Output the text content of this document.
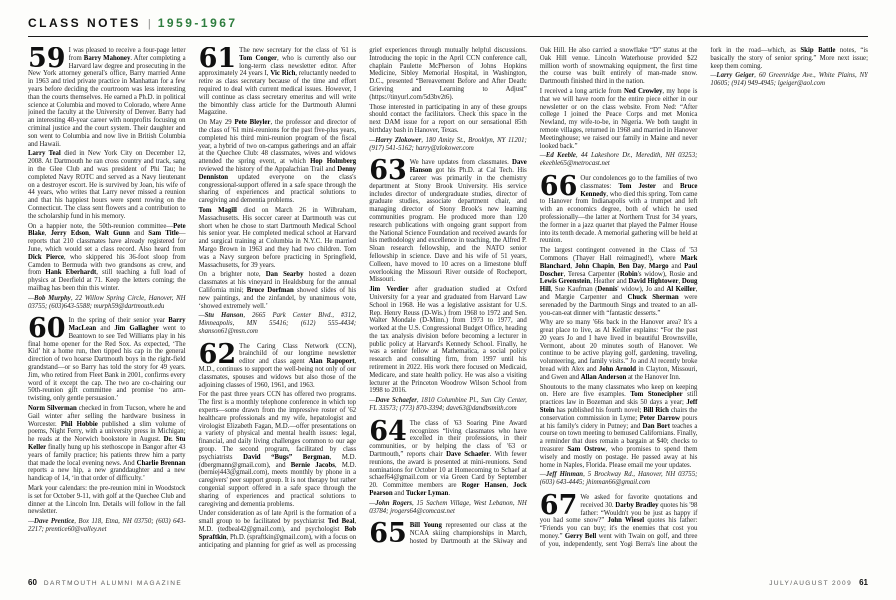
CLASS NOTES | 1959-1967
59 I was pleased to receive a four-page letter from Barry Mahoney. After completing a Harvard law degree and prosecuting in the New York attorney general's office, Barry married Anne in 1963 and tried private practice in Manhattan for a few years before deciding the courtroom was less interesting than the courts themselves. He earned a Ph.D. in political science at Columbia and moved to Colorado, where Anne joined the faculty at the University of Denver. Barry had an interesting 40-year career with nonprofits focusing on criminal justice and the court system. Their daughter and son went to Columbia and now live in British Columbia and Hawaii.

Larry Teal died in New York City on December 12, 2008. At Dartmouth he ran cross country and track, sang in the Glee Club and was president of Phi Tau; he completed Navy ROTC and served as a Navy lieutenant on a destroyer escort. He is survived by Joan, his wife of 44 years, who writes that Larry never missed a reunion and that his happiest hours were spent rowing on the Connecticut. The class sent flowers and a contribution to the scholarship fund in his memory.

On a happier note, the 50th-reunion committee—Pete Blake, Jerry Edson, Walt Gunn and Sam Title—reports that 210 classmates have already registered for June, which would set a class record. Also heard from Dick Pierce, who skippered his 36-foot sloop from Camden to Bermuda with two grandsons as crew, and from Hank Eberhardt, still teaching a full load of physics at Deerfield at 71. Keep the letters coming; the mailbag has been thin this winter.

—Bob Murphy, 22 Willow Spring Circle, Hanover, NH 03755; (603)643-5588; murph59@dartmouth.edu

60 In the spring of their senior year Barry MacLean and Jim Gallagher went to Beantown to see Ted Williams play in his final home opener for the Red Sox. As expected, ‘The Kid’ hit a home run, then tipped his cap in the general direction of two hoarse Dartmouth boys in the right-field grandstand—or so Barry has told the story for 49 years. Jim, who retired from Fleet Bank in 2001, confirms every word of it except the cap. The two are co-chairing our 50th-reunion gift committee and promise ‘no arm-twisting, only gentle persuasion.’

Norm Silverman checked in from Tucson, where he and Gail winter after selling the hardware business in Worcester. Phil Hobbie published a slim volume of poems, Night Ferry, with a university press in Michigan; he reads at the Norwich bookstore in August. Dr. Stu Keller finally hung up his stethoscope in Bangor after 43 years of family practice; his patients threw him a party that made the local evening news. And Charlie Brennan reports a new hip, a new granddaughter and a new handicap of 14, ‘in that order of difficulty.’

Mark your calendars: the pre-reunion mini in Woodstock is set for October 9-11, with golf at the Quechee Club and dinner at the Lincoln Inn. Details will follow in the fall newsletter.

—Dave Prentice, Box 118, Etna, NH 03750; (603) 643-2217; prentice60@valley.net

61 The new secretary for the class of '61 is Tom Conger, who is currently also our long-term class newsletter editor. After approximately 24 years I, Vic Rich, reluctantly needed to retire as class secretary because of the time and effort required to deal with current medical issues. However, I will continue as class secretary emeritus and will write the bimonthly class article for the Dartmouth Alumni Magazine.

On May 29 Pete Bleyler, the professor and director of the class of '61 mini-reunions for the past five-plus years, completed his third mini-reunion program of the fiscal year, a hybrid of two on-campus gatherings and an affair at the Quechee Club: 48 classmates, wives and widows attended the spring event, at which Hop Holmberg reviewed the history of the Appalachian Trail and Denny Denniston updated everyone on the class's congressional-support offered in a safe space through the sharing of experiences and practical solutions to caregiving and dementia problems.

Tom Magill died on March 26 in Wilbraham, Massachusetts. His soccer career at Dartmouth was cut short when he chose to start Dartmouth Medical School his senior year. He completed medical school at Harvard and surgical training at Columbia in N.Y.C. He married Margo Brown in 1963 and they had two children. Tom was a Navy surgeon before practicing in Springfield, Massachusetts, for 39 years.

On a brighter note, Dan Searby hosted a dozen classmates at his vineyard in Healdsburg for the annual California mini; Bruce Dorfman showed slides of his new paintings, and the zinfandel, by unanimous vote, ‘showed extremely well.’

—Stu Hanson, 2665 Park Center Blvd., #312, Minneapolis, MN 55416; (612) 555-4434; shanson61@msn.com

62 The Caring Class Network (CCN), brainchild of our longtime newsletter editor and class agent Alan Rapoport, M.D., continues to support the well-being not only of our classmates, spouses and widows but also those of the adjoining classes of 1960, 1961, and 1963.

For the past three years CCN has offered two programs. The first is a monthly telephone conference in which top experts—some drawn from the impressive roster of '62 healthcare professionals and my wife, hepatologist and virologist Elizabeth Fagan, M.D.—offer presentations on a variety of physical and mental health issues: legal, financial, and daily living challenges common to our age group. The second program, facilitated by class psychiatrists David “Bugs” Bergman, M.D. (dbergmann@gmail.com), and Bernie Jacobs, M.D. (berniej443@gmail.com), meets monthly by phone in a caregivers' peer support group. It is not therapy but rather congenial support offered in a safe space through the sharing of experiences and practical solutions to caregiving and dementia problems.

Under consideration as of late April is the formation of a small group to be facilitated by psychiatrist Ted Beal, M.D. (tedbeal42@gmail.com), and psychologist Bob Spraftkin, Ph.D. (spraftkin@gmail.com), with a focus on anticipating and planning for grief as well as processing grief experiences through mutually helpful discussions. Introducing the topic in the April CCN conference call, chaplain Paulette McPherson of Johns Hopkins Medicine, Sibley Memorial Hospital, in Washington, D.C., presented “Bereavement Before and After Death: Grieving and Learning to Adjust” (https://tinyurl.com/5d3bv2t6).

Those interested in participating in any of these groups should contact the facilitators. Check this space in the next DAM issue for a report on our sensational 85th birthday bash in Hanover, Texas.

—Harry Zlokower, 180 Amity St., Brooklyn, NY 11201; (917) 541-5162; harry@zlokower.com

63 We have updates from classmates. Dave Hanson got his Ph.D. at Cal Tech. His career was primarily in the chemistry department at Stony Brook University. His service includes director of undergraduate studies, director of graduate studies, associate department chair, and managing director of Stony Brook's new learning communities program. He produced more than 120 research publications with ongoing grant support from the National Science Foundation and received awards for his methodology and excellence in teaching, the Alfred P. Sloan research fellowship, and the NATO senior fellowship in science. Dave and his wife of 51 years, Colleen, have moved to 10 acres on a limestone bluff overlooking the Missouri River outside of Rocheport, Missouri.

Jim Verdier after graduation studied at Oxford University for a year and graduated from Harvard Law School in 1968. He was a legislative assistant for U.S. Rep. Henry Reuss (D-Wis.) from 1968 to 1972 and Sen. Walter Mondale (D-Minn.) from 1973 to 1977, and worked at the U.S. Congressional Budget Office, heading the tax analysis division before becoming a lecturer in public policy at Harvard's Kennedy School. Finally, he was a senior fellow at Mathematica, a social policy research and consulting firm, from 1997 until his retirement in 2022. His work there focused on Medicaid, Medicare, and state health policy. He was also a visiting lecturer at the Princeton Woodrow Wilson School from 1998 to 2016.

—Dave Schaefer, 1810 Columbine Pl., Sun City Center, FL 33573; (773) 870-3394; dave63@dandbsmith.com

64 The class of '63 Soaring Pine Award recognizes “living classmates who have excelled in their professions, in their communities, or by helping the class of '63 or Dartmouth,” reports chair Dave Schaefer. With fewer reunions, the award is presented at mini-reunions. Send nominations for October 10 at Homecoming to Schaef at schaef64@gmail.com or via Green Card by September 20. Committee members are Roger Hansen, Jock Pearson and Tucker Lyman.

—John Rogers, 15 Sachem Village, West Lebanon, NH 03784; jrogers64@comcast.net

65 Bill Young represented our class at the NCAA skiing championships in March, hosted by Dartmouth at the Skiway and Oak Hill. He also carried a snowflake “D” status at the Oak Hill venue. Lincoln Waterhouse provided $22 million worth of snowmaking equipment, the first time the course was built entirely of man-made snow. Dartmouth finished third in the nation.

I received a long article from Ned Crowley, my hope is that we will have room for the entire piece either in our newsletter or on the class website. From Ned: “After college I joined the Peace Corps and met Monica Newland, my wife-to-be, in Nigeria. We both taught in remote villages, returned in 1968 and married in Hanover Meetinghouse; we raised our family in Maine and never looked back.”

—Ed Keeble, 44 Lakeshore Dr., Meredith, NH 03253; ekeeble65@metrocast.net

66 Our condolences go to the families of two classmates: Tom Jester and Bruce Kennedy, who died this spring. Tom came to Hanover from Indianapolis with a trumpet and left with an economics degree, both of which he used professionally—the latter at Northern Trust for 34 years, the former in a jazz quartet that played the Palmer House into its tenth decade. A memorial gathering will be held at reunion.

The largest contingent convened in the Class of '53 Commons (Thayer Hall reimagined!), where Mark Blanchard, John Chapin, Ben Day, Margo and Paul Doscher, Teresa Carpenter (Robin's widow), Rosie and Lewis Greenstein, Heather and David Hightower, Doug Hill, Sue Kaufman (Dennis' widow), Jo and Al Keiller, and Margie Carpenter and Chuck Sherman were serenaded by the Dartmouth Sings and treated to an all-you-can-eat dinner with “fantastic desserts.”

Why are so many '66s back in the Hanover area? It's a great place to live, as Al Keiller explains: “For the past 20 years Jo and I have lived in beautiful Brownsville, Vermont, about 20 minutes south of Hanover. We continue to be active playing golf, gardening, traveling, volunteering, and family visits.” Jo and Al recently broke bread with Alex and John Arnold in Clayton, Missouri, and Gwen and Allan Anderson at the Hanover Inn.

Shoutouts to the many classmates who keep on keeping on. Here are five examples. Tom Stonecipher still practices law in Bozeman and skis 50 days a year; Jeff Stein has published his fourth novel; Bill Rich chairs the conservation commission in Lyme; Peter Darrow pours at his family's cidery in Putney; and Dan Bort teaches a course on town meeting to bemused Californians. Finally, a reminder that dues remain a bargain at $40; checks to treasurer Sam Ostrow, who promises to spend them wisely and mostly on postage. He passed away at his home in Naples, Florida. Please email me your updates.

—Jeff Hinman, 5 Brockway Rd., Hanover, NH 03755; (603) 643-4445; jhinman66@gmail.com

67 We asked for favorite quotations and received 30. Darby Bradley quotes his '98 father: “Wouldn't you be just as happy if you had some snow?” John Wiesel quotes his father: “Friends you can buy; it's the enemies that cost you money.” Gerry Bell went with Twain on golf, and three of you, independently, sent Yogi Berra's line about the fork in the road—which, as Skip Battle notes, “is basically the story of senior spring.” More next issue; keep them coming.

—Larry Geiger, 60 Greenridge Ave., White Plains, NY 10605; (914) 949-4945; lgeiger@aol.com

60 DARTMOUTH ALUMNI MAGAZINE	JULY/AUGUST 2009 61
